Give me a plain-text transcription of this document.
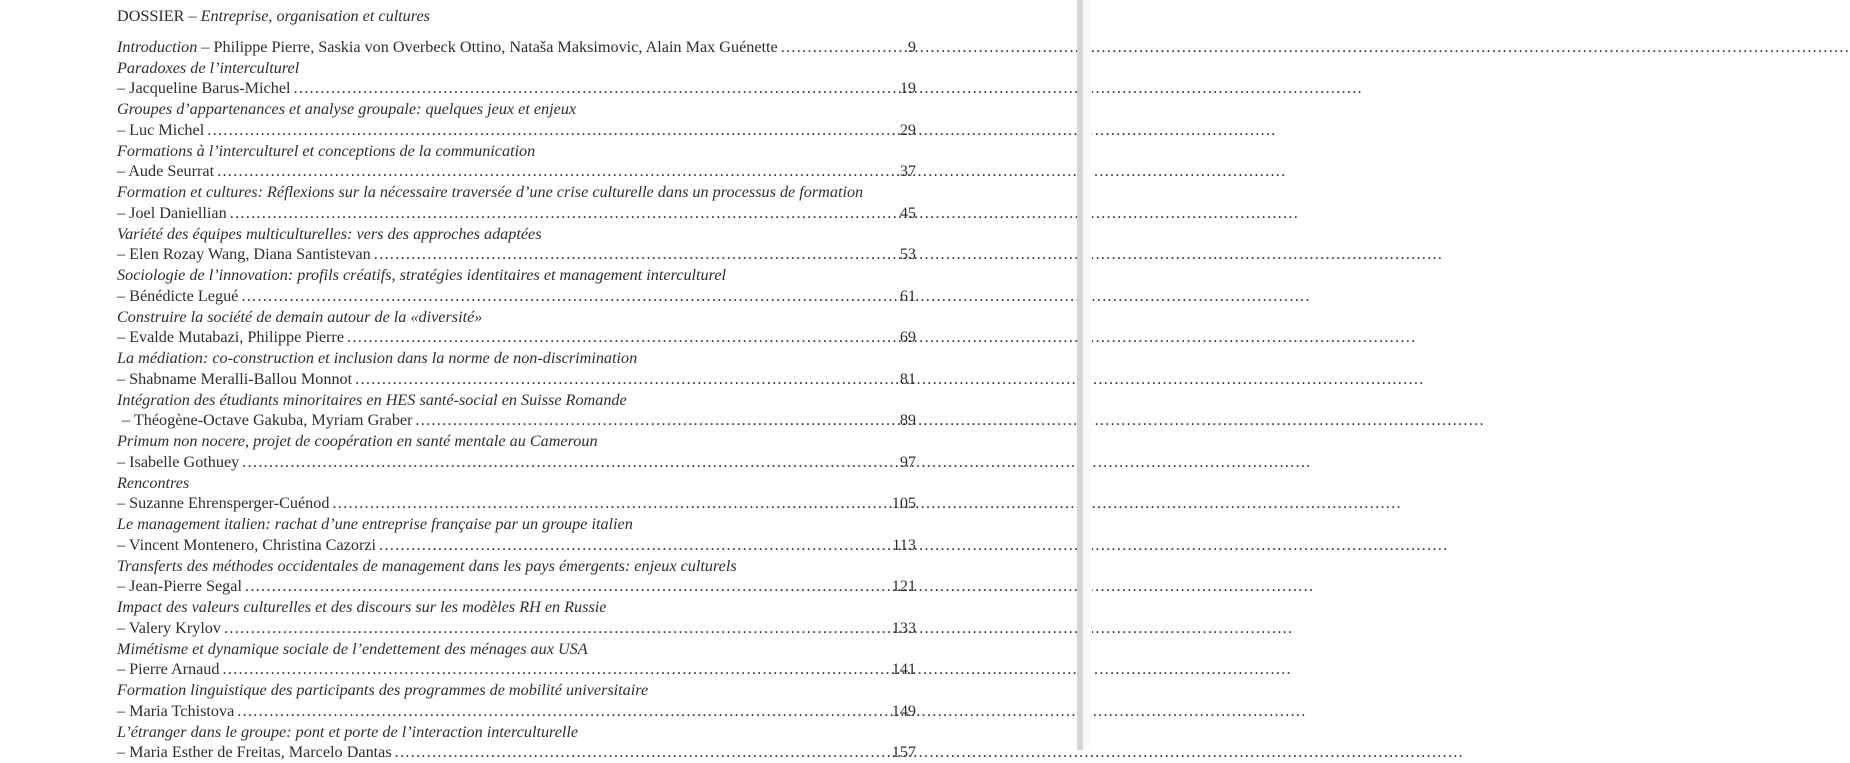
DOSSIER – Entreprise, organisation et cultures
Introduction – Philippe Pierre, Saskia von Overbeck Ottino, Nataša Maksimovic, Alain Max Guénette .....	9
Paradoxes de l’interculturel
– Jacqueline Barus-Michel .....	19
Groupes d’appartenances et analyse groupale: quelques jeux et enjeux
– Luc Michel .....	29
Formations à l’interculturel et conceptions de la communication
– Aude Seurrat .....	37
Formation et cultures: Réflexions sur la nécessaire traversée d’une crise culturelle dans un processus de formation
– Joel Daniellian .....	45
Variété des équipes multiculturelles: vers des approches adaptées
– Elen Rozay Wang, Diana Santistevan .....	53
Sociologie de l’innovation: profils créatifs, stratégies identitaires et management interculturel
– Bénédicte Legué .....	61
Construire la société de demain autour de la «diversité»
– Evalde Mutabazi, Philippe Pierre .....	69
La médiation: co-construction et inclusion dans la norme de non-discrimination
– Shabname Meralli-Ballou Monnot .....	81
Intégration des étudiants minoritaires en HES santé-social en Suisse Romande
– Théogène-Octave Gakuba, Myriam Graber .....	89
Primum non nocere, projet de coopération en santé mentale au Cameroun
– Isabelle Gothuey .....	97
Rencontres
– Suzanne Ehrensperger-Cuénod .....	105
Le management italien: rachat d’une entreprise française par un groupe italien
– Vincent Montenero, Christina Cazorzi .....	113
Transferts des méthodes occidentales de management dans les pays émergents: enjeux culturels
– Jean-Pierre Segal .....	121
Impact des valeurs culturelles et des discours sur les modèles RH en Russie
– Valery Krylov .....	133
Mimétisme et dynamique sociale de l’endettement des ménages aux USA
– Pierre Arnaud .....	141
Formation linguistique des participants des programmes de mobilité universitaire
– Maria Tchistova .....	149
L’étranger dans le groupe: pont et porte de l’interaction interculturelle
– Maria Esther de Freitas, Marcelo Dantas .....	157
